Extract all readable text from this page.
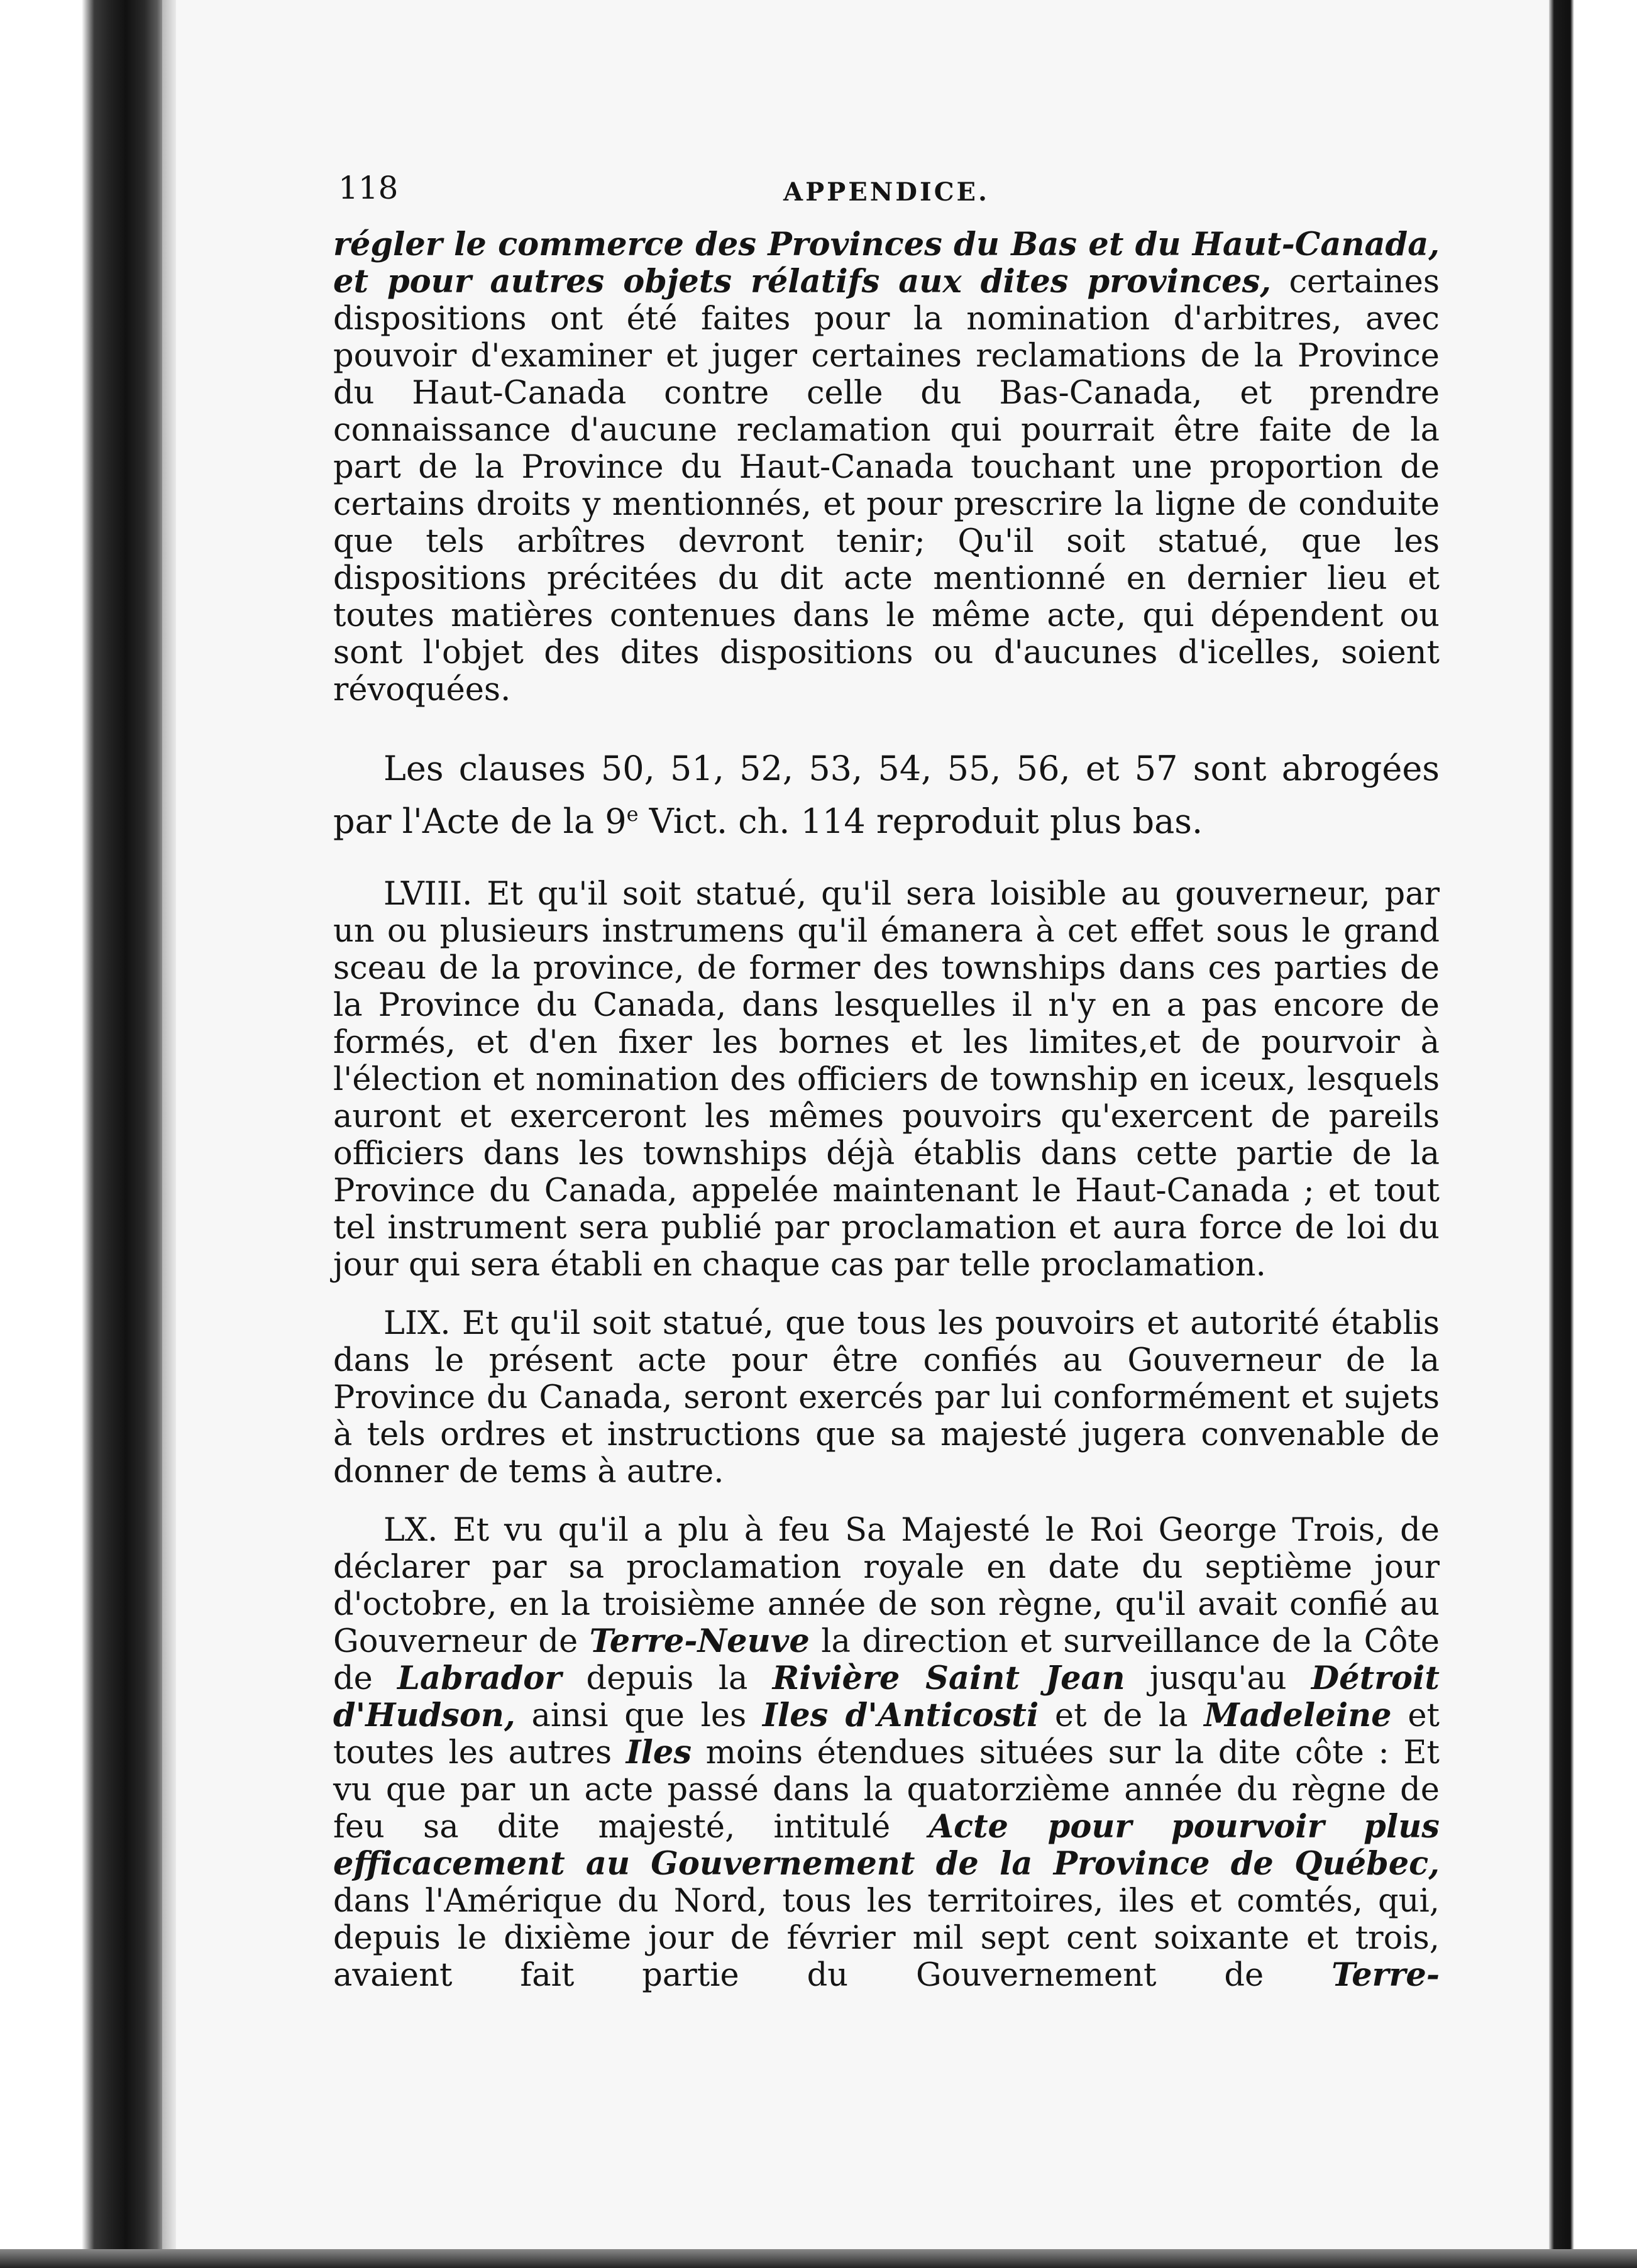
118	APPENDICE.

régler le commerce des Provinces du Bas et du Haut-Canada, et pour autres objets rélatifs aux dites provinces, certaines dispositions ont été faites pour la nomination d'arbitres, avec pouvoir d'examiner et juger certaines reclamations de la Province du Haut-Canada contre celle du Bas-Canada, et prendre connaissance d'aucune reclamation qui pourrait être faite de la part de la Province du Haut-Canada touchant une proportion de certains droits y mentionnés, et pour prescrire la ligne de conduite que tels arbîtres devront tenir; Qu'il soit statué, que les dispositions précitées du dit acte mentionné en dernier lieu et toutes matières contenues dans le même acte, qui dépendent ou sont l'objet des dites dispositions ou d'aucunes d'icelles, soient révoquées.

Les clauses 50, 51, 52, 53, 54, 55, 56, et 57 sont abrogées par l'Acte de la 9e Vict. ch. 114 reproduit plus bas.

LVIII. Et qu'il soit statué, qu'il sera loisible au gouverneur, par un ou plusieurs instrumens qu'il émanera à cet effet sous le grand sceau de la province, de former des townships dans ces parties de la Province du Canada, dans lesquelles il n'y en a pas encore de formés, et d'en fixer les bornes et les limites,et de pourvoir à l'élection et nomination des officiers de township en iceux, lesquels auront et exerceront les mêmes pouvoirs qu'exercent de pareils officiers dans les townships déjà établis dans cette partie de la Province du Canada, appelée maintenant le Haut-Canada ; et tout tel instrument sera publié par proclamation et aura force de loi du jour qui sera établi en chaque cas par telle proclamation.

LIX. Et qu'il soit statué, que tous les pouvoirs et autorité établis dans le présent acte pour être confiés au Gouverneur de la Province du Canada, seront exercés par lui conformément et sujets à tels ordres et instructions que sa majesté jugera convenable de donner de tems à autre.

LX. Et vu qu'il a plu à feu Sa Majesté le Roi George Trois, de déclarer par sa proclamation royale en date du septième jour d'octobre, en la troisième année de son règne, qu'il avait confié au Gouverneur de Terre-Neuve la direction et surveillance de la Côte de Labrador depuis la Rivière Saint Jean jusqu'au Détroit d'Hudson, ainsi que les Iles d'Anticosti et de la Madeleine et toutes les autres Iles moins étendues situées sur la dite côte : Et vu que par un acte passé dans la quatorzième année du règne de feu sa dite majesté, intitulé Acte pour pourvoir plus efficacement au Gouvernement de la Province de Québec, dans l'Amérique du Nord, tous les territoires, iles et comtés, qui, depuis le dixième jour de février mil sept cent soixante et trois, avaient fait partie du Gouvernement de Terre-
